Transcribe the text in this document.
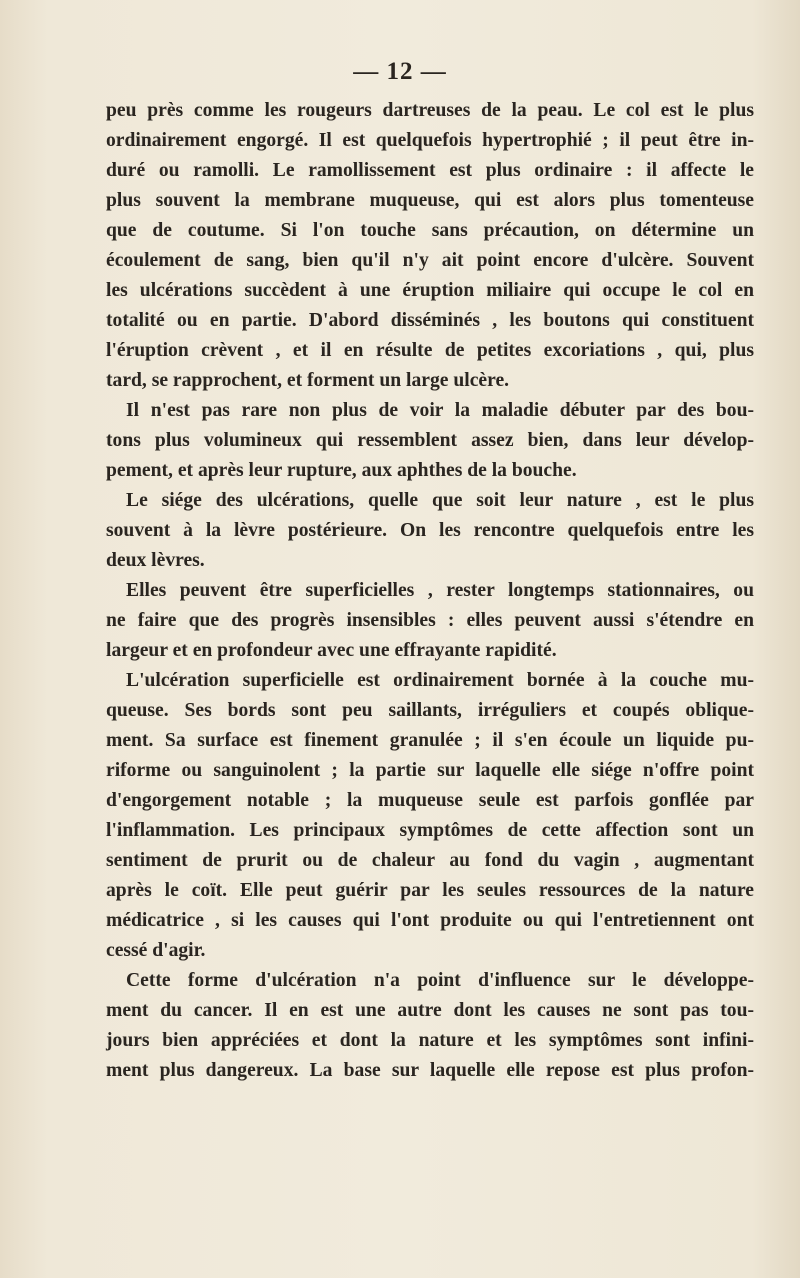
— 12 —

peu près comme les rougeurs dartreuses de la peau. Le col est le plus
ordinairement engorgé. Il est quelquefois hypertrophié ; il peut être in-
duré ou ramolli. Le ramollissement est plus ordinaire : il affecte le
plus souvent la membrane muqueuse, qui est alors plus tomenteuse
que de coutume. Si l'on touche sans précaution, on détermine un
écoulement de sang, bien qu'il n'y ait point encore d'ulcère. Souvent
les ulcérations succèdent à une éruption miliaire qui occupe le col en
totalité ou en partie. D'abord disséminés , les boutons qui constituent
l'éruption crèvent , et il en résulte de petites excoriations , qui, plus
tard, se rapprochent, et forment un large ulcère.

Il n'est pas rare non plus de voir la maladie débuter par des bou-
tons plus volumineux qui ressemblent assez bien, dans leur dévelop-
pement, et après leur rupture, aux aphthes de la bouche.

Le siége des ulcérations, quelle que soit leur nature , est le plus
souvent à la lèvre postérieure. On les rencontre quelquefois entre les
deux lèvres.

Elles peuvent être superficielles , rester longtemps stationnaires, ou
ne faire que des progrès insensibles : elles peuvent aussi s'étendre en
largeur et en profondeur avec une effrayante rapidité.

L'ulcération superficielle est ordinairement bornée à la couche mu-
queuse. Ses bords sont peu saillants, irréguliers et coupés oblique-
ment. Sa surface est finement granulée ; il s'en écoule un liquide pu-
riforme ou sanguinolent ; la partie sur laquelle elle siége n'offre point
d'engorgement notable ; la muqueuse seule est parfois gonflée par
l'inflammation. Les principaux symptômes de cette affection sont un
sentiment de prurit ou de chaleur au fond du vagin , augmentant
après le coït. Elle peut guérir par les seules ressources de la nature
médicatrice , si les causes qui l'ont produite ou qui l'entretiennent ont
cessé d'agir.

Cette forme d'ulcération n'a point d'influence sur le développe-
ment du cancer. Il en est une autre dont les causes ne sont pas tou-
jours bien appréciées et dont la nature et les symptômes sont infini-
ment plus dangereux. La base sur laquelle elle repose est plus profon-
